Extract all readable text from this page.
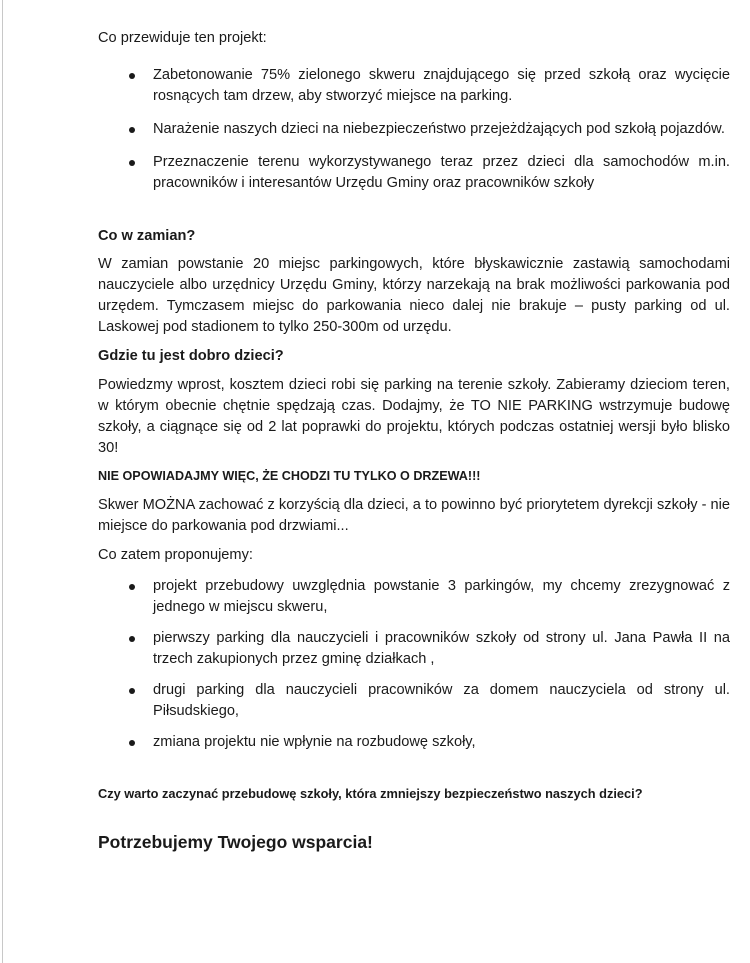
Co przewiduje ten projekt:

Zabetonowanie 75% zielonego skweru znajdującego się przed szkołą oraz wycięcie rosnących tam drzew, aby stworzyć miejsce na parking.
Narażenie naszych dzieci na niebezpieczeństwo przejeżdżających pod szkołą pojazdów.
Przeznaczenie terenu wykorzystywanego teraz przez dzieci dla samochodów m.in. pracowników i interesantów Urzędu Gminy oraz pracowników szkoły

Co w zamian?

W zamian powstanie 20 miejsc parkingowych, które błyskawicznie zastawią samochodami nauczyciele albo urzędnicy Urzędu Gminy, którzy narzekają na brak możliwości parkowania pod urzędem. Tymczasem miejsc do parkowania nieco dalej nie brakuje – pusty parking od ul. Laskowej pod stadionem to tylko 250-300m od urzędu.

Gdzie tu jest dobro dzieci?

Powiedzmy wprost, kosztem dzieci robi się parking na terenie szkoły. Zabieramy dzieciom teren, w którym obecnie chętnie spędzają czas. Dodajmy, że TO NIE PARKING wstrzymuje budowę szkoły, a ciągnące się od 2 lat poprawki do projektu, których podczas ostatniej wersji było blisko 30!

NIE OPOWIADAJMY WIĘC, ŻE CHODZI TU TYLKO O DRZEWA!!!

Skwer MOŻNA zachować z korzyścią dla dzieci, a to powinno być priorytetem dyrekcji szkoły - nie miejsce do parkowania pod drzwiami...

Co zatem proponujemy:

projekt przebudowy uwzględnia powstanie 3 parkingów, my chcemy zrezygnować z jednego w miejscu skweru,
pierwszy parking dla nauczycieli i pracowników szkoły od strony ul. Jana Pawła II na trzech zakupionych przez gminę działkach ,
drugi parking dla nauczycieli pracowników za domem nauczyciela od strony ul. Piłsudskiego,
zmiana projektu nie wpłynie na rozbudowę szkoły,

Czy warto zaczynać przebudowę szkoły, która zmniejszy bezpieczeństwo naszych dzieci?

Potrzebujemy Twojego wsparcia!
